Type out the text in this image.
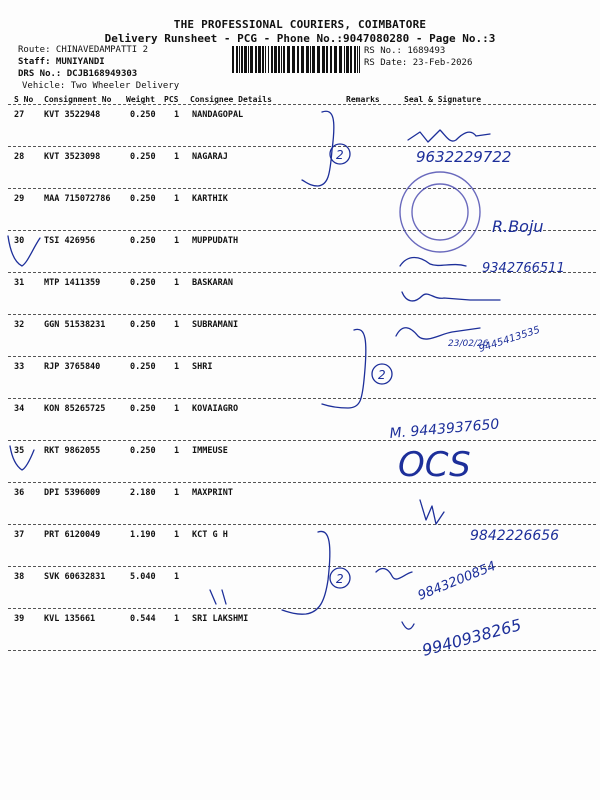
THE PROFESSIONAL COURIERS, COIMBATORE
Delivery Runsheet - PCG - Phone No.:9047080280 - Page No.:3
Route: CHINAVEDAMPATTI 2
Staff: MUNIYANDI
DRS No.: DCJB168949303
Vehicle: Two Wheeler Delivery
RS No.: 1689493
RS Date: 23-Feb-2026
S No Consignment No Weight PCS Consignee Details	Remarks	Seal & Signature
27 KVT 3522948	0.250 1 NANDAGOPAL
28 KVT 3523098	0.250 1 NAGARAJ
29 MAA 715072786 0.250 1 KARTHIK
30 TSI 426956	0.250 1 MUPPUDATH
31 MTP 1411359	0.250 1 BASKARAN
32 GGN 51538231	0.250 1 SUBRAMANI
33 RJP 3765840	0.250 1 SHRI
34 KON 85265725	0.250 1 KOVAIAGRO
35 RKT 9862055	0.250 1 IMMEUSE
36 DPI 5396009	2.180 1 MAXPRINT
37 PRT 6120049	1.190 1 KCT G H
38 SVK 60632831	5.040 1
39 KVL 135661	0.544 1 SRI LAKSHMI
9632229722
R.Boju
9342766511
23/02/26
9445413535
M. 9443937650
OCS
9842226656
9843200854
9940938265
2
2
2
